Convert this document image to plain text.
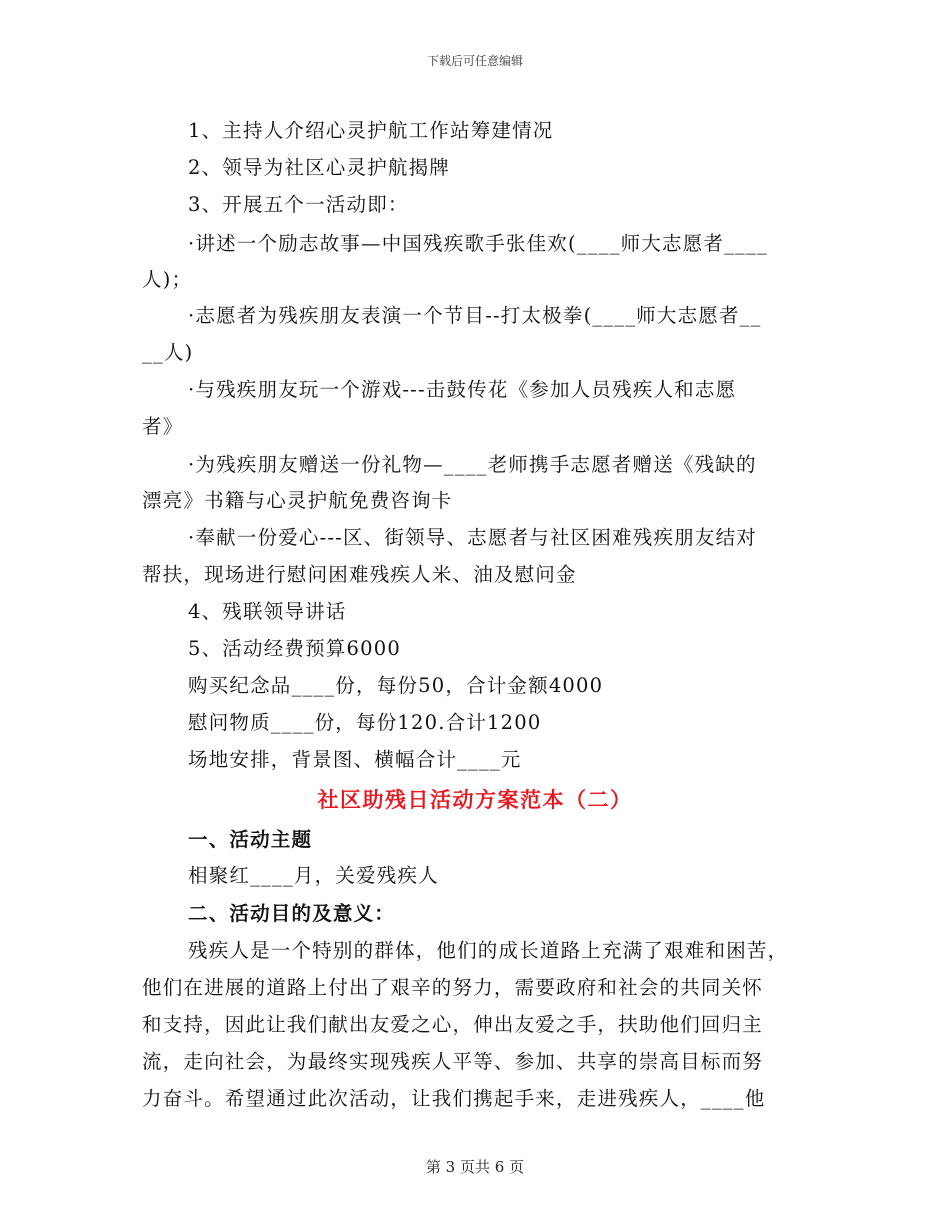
下载后可任意编辑
1、主持人介绍心灵护航工作站筹建情况
2、领导为社区心灵护航揭牌
3、开展五个一活动即：
·讲述一个励志故事—中国残疾歌手张佳欢(____师大志愿者____
人)；
·志愿者为残疾朋友表演一个节目--打太极拳(____师大志愿者__
__人)
·与残疾朋友玩一个游戏---击鼓传花《参加人员残疾人和志愿
者》
·为残疾朋友赠送一份礼物—____老师携手志愿者赠送《残缺的
漂亮》书籍与心灵护航免费咨询卡
·奉献一份爱心---区、街领导、志愿者与社区困难残疾朋友结对
帮扶，现场进行慰问困难残疾人米、油及慰问金
4、残联领导讲话
5、活动经费预算6000
购买纪念品____份，每份50，合计金额4000
慰问物质____份，每份120.合计1200
场地安排，背景图、横幅合计____元
社区助残日活动方案范本（二）
一、活动主题
相聚红____月，关爱残疾人
二、活动目的及意义：
残疾人是一个特别的群体，他们的成长道路上充满了艰难和困苦，
他们在进展的道路上付出了艰辛的努力，需要政府和社会的共同关怀
和支持，因此让我们献出友爱之心，伸出友爱之手，扶助他们回归主
流，走向社会，为最终实现残疾人平等、参加、共享的崇高目标而努
力奋斗。希望通过此次活动，让我们携起手来，走进残疾人，____他
第 3 页共 6 页
